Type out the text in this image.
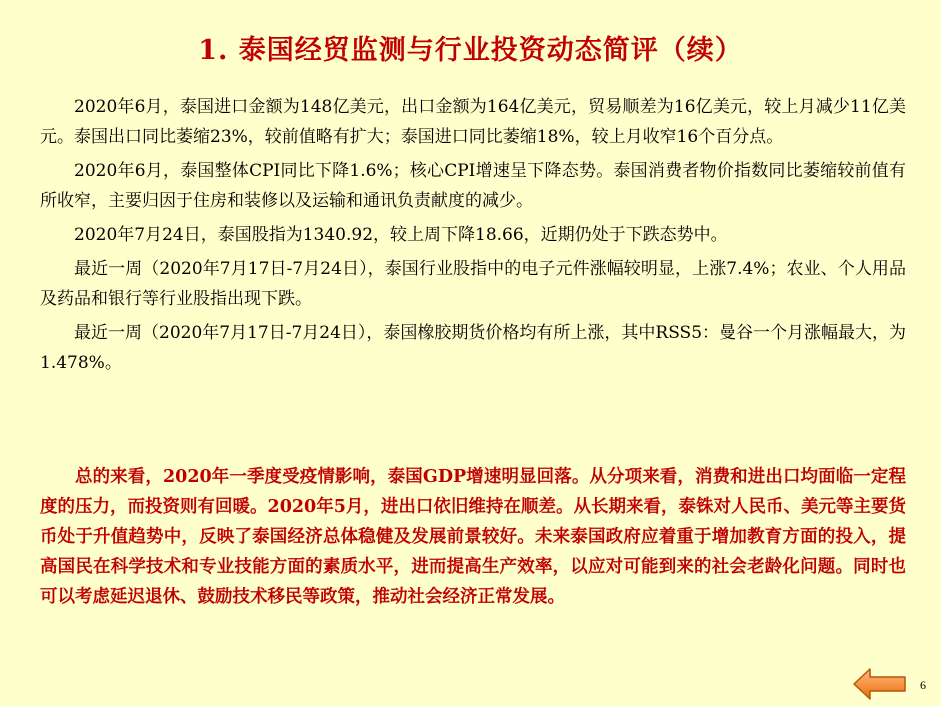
1. 泰国经贸监测与行业投资动态简评（续）

2020年6月，泰国进口金额为148亿美元，出口金额为164亿美元，贸易顺差为16亿美元，较上月减少11亿美元。泰国出口同比萎缩23%，较前值略有扩大；泰国进口同比萎缩18%，较上月收窄16个百分点。

2020年6月，泰国整体CPI同比下降1.6%；核心CPI增速呈下降态势。泰国消费者物价指数同比萎缩较前值有所收窄，主要归因于住房和装修以及运输和通讯负责献度的减少。

2020年7月24日，泰国股指为1340.92，较上周下降18.66，近期仍处于下跌态势中。

最近一周（2020年7月17日-7月24日），泰国行业股指中的电子元件涨幅较明显，上涨7.4%；农业、个人用品及药品和银行等行业股指出现下跌。

最近一周（2020年7月17日-7月24日），泰国橡胶期货价格均有所上涨，其中RSS5：曼谷一个月涨幅最大，为1.478%。

总的来看，2020年一季度受疫情影响，泰国GDP增速明显回落。从分项来看，消费和进出口均面临一定程度的压力，而投资则有回暖。2020年5月，进出口依旧维持在顺差。从长期来看，泰铢对人民币、美元等主要货币处于升值趋势中，反映了泰国经济总体稳健及发展前景较好。未来泰国政府应着重于增加教育方面的投入，提高国民在科学技术和专业技能方面的素质水平，进而提高生产效率，以应对可能到来的社会老龄化问题。同时也可以考虑延迟退休、鼓励技术移民等政策，推动社会经济正常发展。
6
